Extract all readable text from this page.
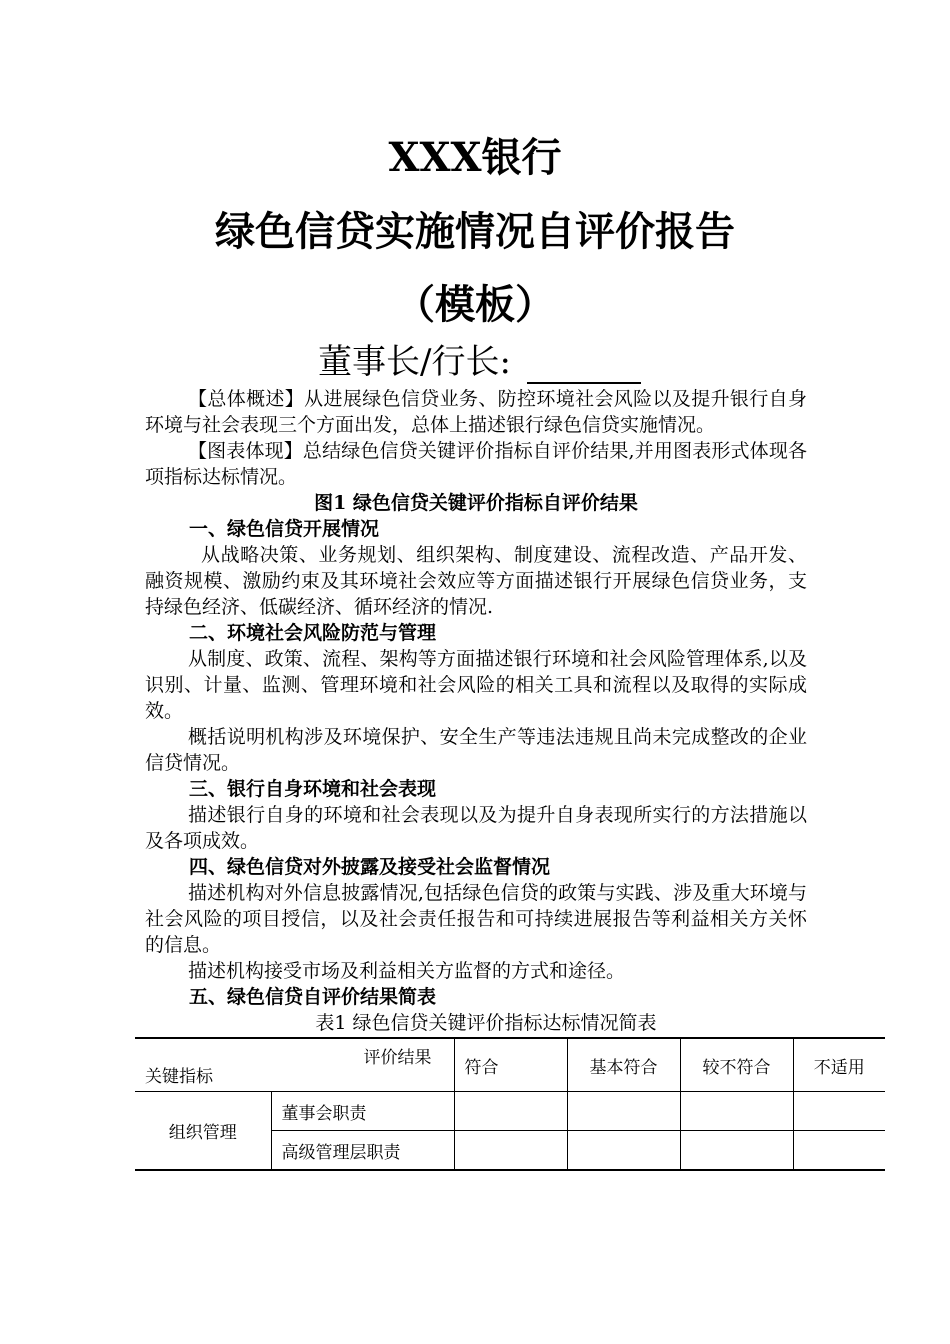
XXX银行
绿色信贷实施情况自评价报告
（模板）
董事长/行长:

【总体概述】从进展绿色信贷业务、防控环境社会风险以及提升银行自身环境与社会表现三个方面出发，总体上描述银行绿色信贷实施情况。

【图表体现】总结绿色信贷关键评价指标自评价结果,并用图表形式体现各项指标达标情况。

图1 绿色信贷关键评价指标自评价结果

一、绿色信贷开展情况

从战略决策、业务规划、组织架构、制度建设、流程改造、产品开发、融资规模、激励约束及其环境社会效应等方面描述银行开展绿色信贷业务，支持绿色经济、低碳经济、循环经济的情况.

二、环境社会风险防范与管理

从制度、政策、流程、架构等方面描述银行环境和社会风险管理体系,以及识别、计量、监测、管理环境和社会风险的相关工具和流程以及取得的实际成效。

概括说明机构涉及环境保护、安全生产等违法违规且尚未完成整改的企业信贷情况。

三、银行自身环境和社会表现

描述银行自身的环境和社会表现以及为提升自身表现所实行的方法措施以及各项成效。

四、绿色信贷对外披露及接受社会监督情况

描述机构对外信息披露情况,包括绿色信贷的政策与实践、涉及重大环境与社会风险的项目授信，以及社会责任报告和可持续进展报告等利益相关方关怀的信息。

描述机构接受市场及利益相关方监督的方式和途径。

五、绿色信贷自评价结果简表

表1 绿色信贷关键评价指标达标情况简表

评价结果
关键指标		符合	基本符合	较不符合	不适用
组织管理	董事会职责				
	高级管理层职责				
